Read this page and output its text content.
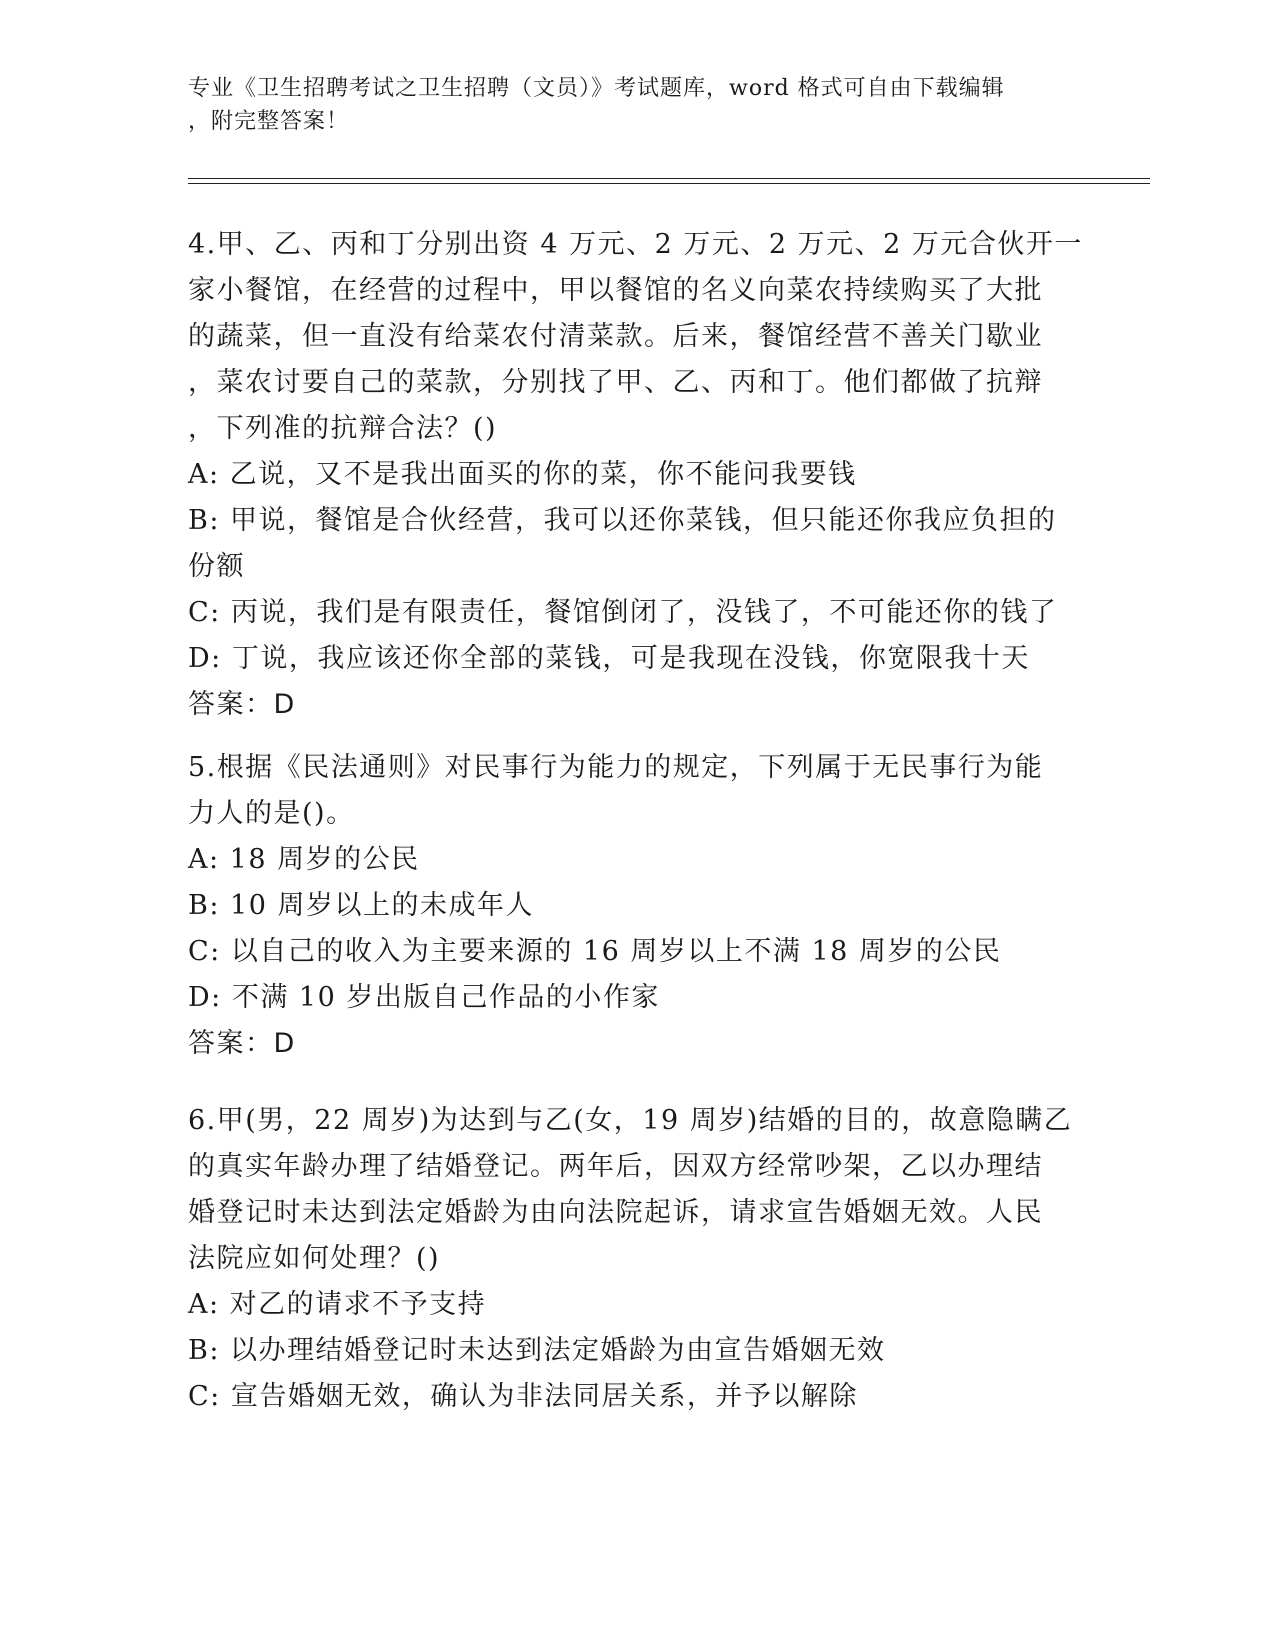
专业《卫生招聘考试之卫生招聘（文员）》考试题库，word 格式可自由下载编辑
，附完整答案！
4.甲、乙、丙和丁分别出资 4 万元、2 万元、2 万元、2 万元合伙开一
家小餐馆，在经营的过程中，甲以餐馆的名义向菜农持续购买了大批
的蔬菜，但一直没有给菜农付清菜款。后来，餐馆经营不善关门歇业
，菜农讨要自己的菜款，分别找了甲、乙、丙和丁。他们都做了抗辩
，下列准的抗辩合法？()
A: 乙说，又不是我出面买的你的菜，你不能问我要钱
B: 甲说，餐馆是合伙经营，我可以还你菜钱，但只能还你我应负担的
份额
C: 丙说，我们是有限责任，餐馆倒闭了，没钱了，不可能还你的钱了
D: 丁说，我应该还你全部的菜钱，可是我现在没钱，你宽限我十天
答案：D
5.根据《民法通则》对民事行为能力的规定，下列属于无民事行为能
力人的是()。
A: 18 周岁的公民
B: 10 周岁以上的未成年人
C: 以自己的收入为主要来源的 16 周岁以上不满 18 周岁的公民
D: 不满 10 岁出版自己作品的小作家
答案：D
6.甲(男，22 周岁)为达到与乙(女，19 周岁)结婚的目的，故意隐瞒乙
的真实年龄办理了结婚登记。两年后，因双方经常吵架，乙以办理结
婚登记时未达到法定婚龄为由向法院起诉，请求宣告婚姻无效。人民
法院应如何处理？()
A: 对乙的请求不予支持
B: 以办理结婚登记时未达到法定婚龄为由宣告婚姻无效
C: 宣告婚姻无效，确认为非法同居关系，并予以解除
